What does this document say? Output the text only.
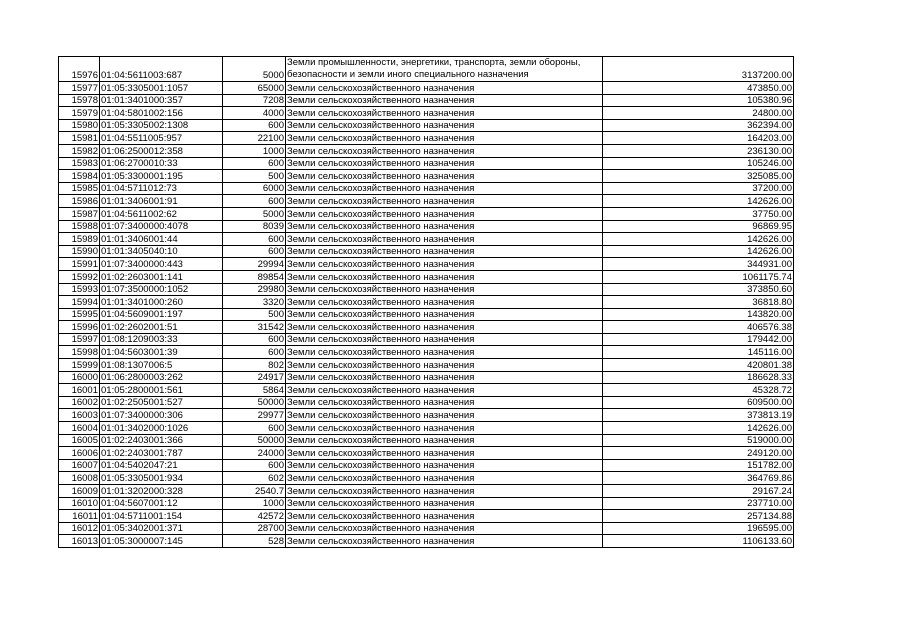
15976	01:04:5611003:687	5000	Земли промышленности, энергетики, транспорта, земли обороны, безопасности и земли иного специального назначения	3137200.00
15977	01:05:3305001:1057	65000	Земли сельскохозяйственного назначения	473850.00
15978	01:01:3401000:357	7208	Земли сельскохозяйственного назначения	105380.96
15979	01:04:5801002:156	4000	Земли сельскохозяйственного назначения	24800.00
15980	01:05:3305002:1308	600	Земли сельскохозяйственного назначения	362394.00
15981	01:04:5511005:957	22100	Земли сельскохозяйственного назначения	164203.00
15982	01:06:2500012:358	1000	Земли сельскохозяйственного назначения	236130.00
15983	01:06:2700010:33	600	Земли сельскохозяйственного назначения	105246.00
15984	01:05:3300001:195	500	Земли сельскохозяйственного назначения	325085.00
15985	01:04:5711012:73	6000	Земли сельскохозяйственного назначения	37200.00
15986	01:01:3406001:91	600	Земли сельскохозяйственного назначения	142626.00
15987	01:04:5611002:62	5000	Земли сельскохозяйственного назначения	37750.00
15988	01:07:3400000:4078	8039	Земли сельскохозяйственного назначения	96869.95
15989	01:01:3406001:44	600	Земли сельскохозяйственного назначения	142626.00
15990	01:01:3405040:10	600	Земли сельскохозяйственного назначения	142626.00
15991	01:07:3400000:443	29994	Земли сельскохозяйственного назначения	344931.00
15992	01:02:2603001:141	89854	Земли сельскохозяйственного назначения	1061175.74
15993	01:07:3500000:1052	29980	Земли сельскохозяйственного назначения	373850.60
15994	01:01:3401000:260	3320	Земли сельскохозяйственного назначения	36818.80
15995	01:04:5609001:197	500	Земли сельскохозяйственного назначения	143820.00
15996	01:02:2602001:51	31542	Земли сельскохозяйственного назначения	406576.38
15997	01:08:1209003:33	600	Земли сельскохозяйственного назначения	179442.00
15998	01:04:5603001:39	600	Земли сельскохозяйственного назначения	145116.00
15999	01:08:1307006:5	802	Земли сельскохозяйственного назначения	420801.38
16000	01:06:2800003:262	24917	Земли сельскохозяйственного назначения	186628.33
16001	01:05:2800001:561	5864	Земли сельскохозяйственного назначения	45328.72
16002	01:02:2505001:527	50000	Земли сельскохозяйственного назначения	609500.00
16003	01:07:3400000:306	29977	Земли сельскохозяйственного назначения	373813.19
16004	01:01:3402000:1026	600	Земли сельскохозяйственного назначения	142626.00
16005	01:02:2403001:366	50000	Земли сельскохозяйственного назначения	519000.00
16006	01:02:2403001:787	24000	Земли сельскохозяйственного назначения	249120.00
16007	01:04:5402047:21	600	Земли сельскохозяйственного назначения	151782.00
16008	01:05:3305001:934	602	Земли сельскохозяйственного назначения	364769.86
16009	01:01:3202000:328	2540.7	Земли сельскохозяйственного назначения	29167.24
16010	01:04:5607001:12	1000	Земли сельскохозяйственного назначения	237710.00
16011	01:04:5711001:154	42572	Земли сельскохозяйственного назначения	257134.88
16012	01:05:3402001:371	28700	Земли сельскохозяйственного назначения	196595.00
16013	01:05:3000007:145	528	Земли сельскохозяйственного назначения	1106133.60
